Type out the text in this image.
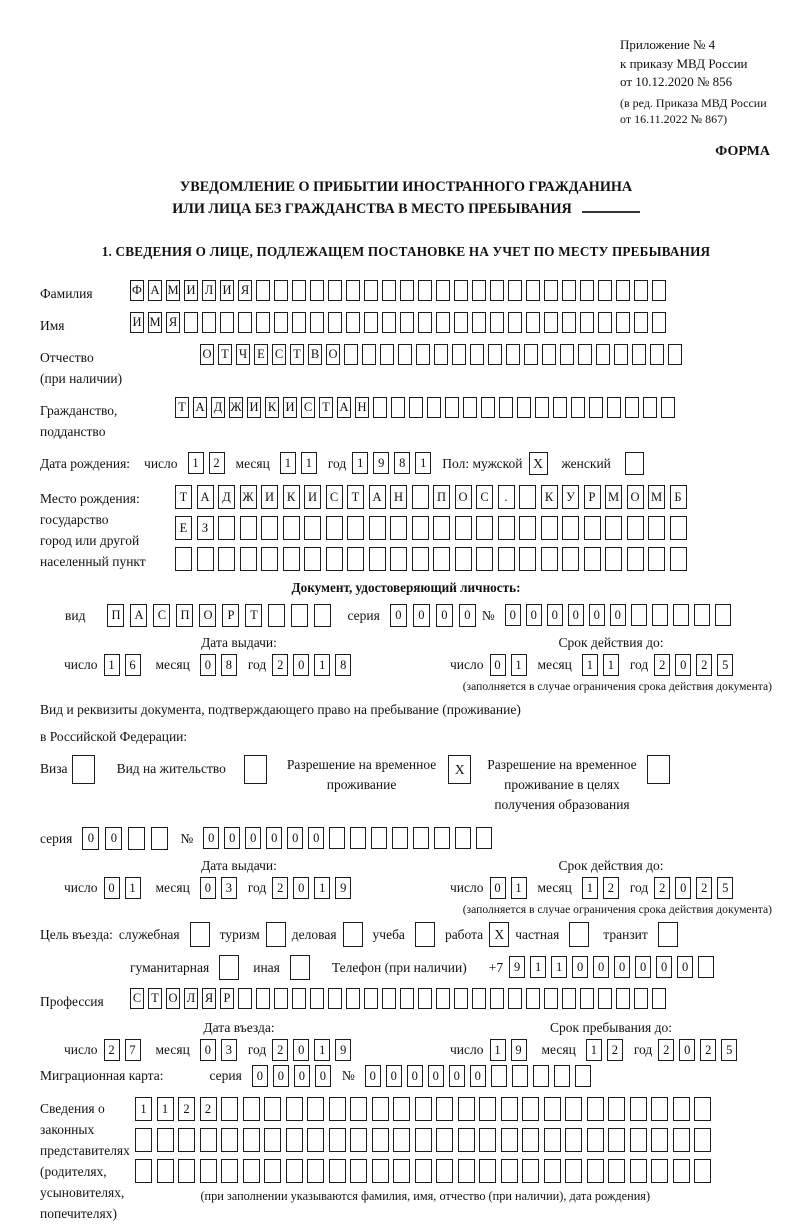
Приложение № 4
к приказу МВД России
от 10.12.2020 № 856
(в ред. Приказа МВД России
от 16.11.2022 № 867)
ФОРМА
УВЕДОМЛЕНИЕ О ПРИБЫТИИ ИНОСТРАННОГО ГРАЖДАНИНА
ИЛИ ЛИЦА БЕЗ ГРАЖДАНСТВА В МЕСТО ПРЕБЫВАНИЯ
1. СВЕДЕНИЯ О ЛИЦЕ, ПОДЛЕЖАЩЕМ ПОСТАНОВКЕ НА УЧЕТ ПО МЕСТУ ПРЕБЫВАНИЯ
Фамилия	Ф А М И Л И Я
Имя	И М Я
Отчество
(при наличии)
О Т Ч Е С Т В О
Гражданство,
подданство
Т А Д Ж И К И С Т А Н
Дата рождения: число	1 2	месяц	1 1	год 1 9 8 1	Пол: мужской X	женский
Место рождения:
государство
город или другой
населенный пункт
Т А Д Ж И К И С Т А Н	П О С .	К У Р М О М Б
Е З
Документ, удостоверяющий личность:
вид	П А С П О Р Т	серия	0 0 0 0 №	0 0 0 0 0 0
Дата выдачи:
число 1 6	месяц	0 8	год 2 0 1 8
Срок действия до:
число 0 1	месяц	1 1	год 2 0 2 5
(заполняется в случае ограничения срока действия документа)
Вид и реквизиты документа, подтверждающего право на пребывание (проживание)
в Российской Федерации:
Виза	Вид на жительство	Разрешение на временное
проживание
X	Разрешение на временное
проживание в целях
получения образования
серия	0 0	№	0 0 0 0 0 0
Дата выдачи:
число 0 1	месяц	0 3	год 2 0 1 9
Срок действия до:
число 0 1	месяц	1 2	год 2 0 2 5
(заполняется в случае ограничения срока действия документа)
Цель въезда: служебная	туризм деловая	учеба	работа X частная	транзит
гуманитарная	иная	Телефон (при наличии) +7 9 1 1 0 0 0 0 0 0
Профессия	С Т О Л Я Р
Дата въезда:
число 2 7	месяц	0 3	год 2 0 1 9
Срок пребывания до:
число 1 9	месяц	1 2	год 2 0 2 5
Миграционная карта:	серия	0 0 0 0	№	0 0 0 0 0 0
Сведения о
законных
представителях
(родителях,
усыновителях,
попечителях)
1 1 2 2
(при заполнении указываются фамилия, имя, отчество (при наличии), дата рождения)
